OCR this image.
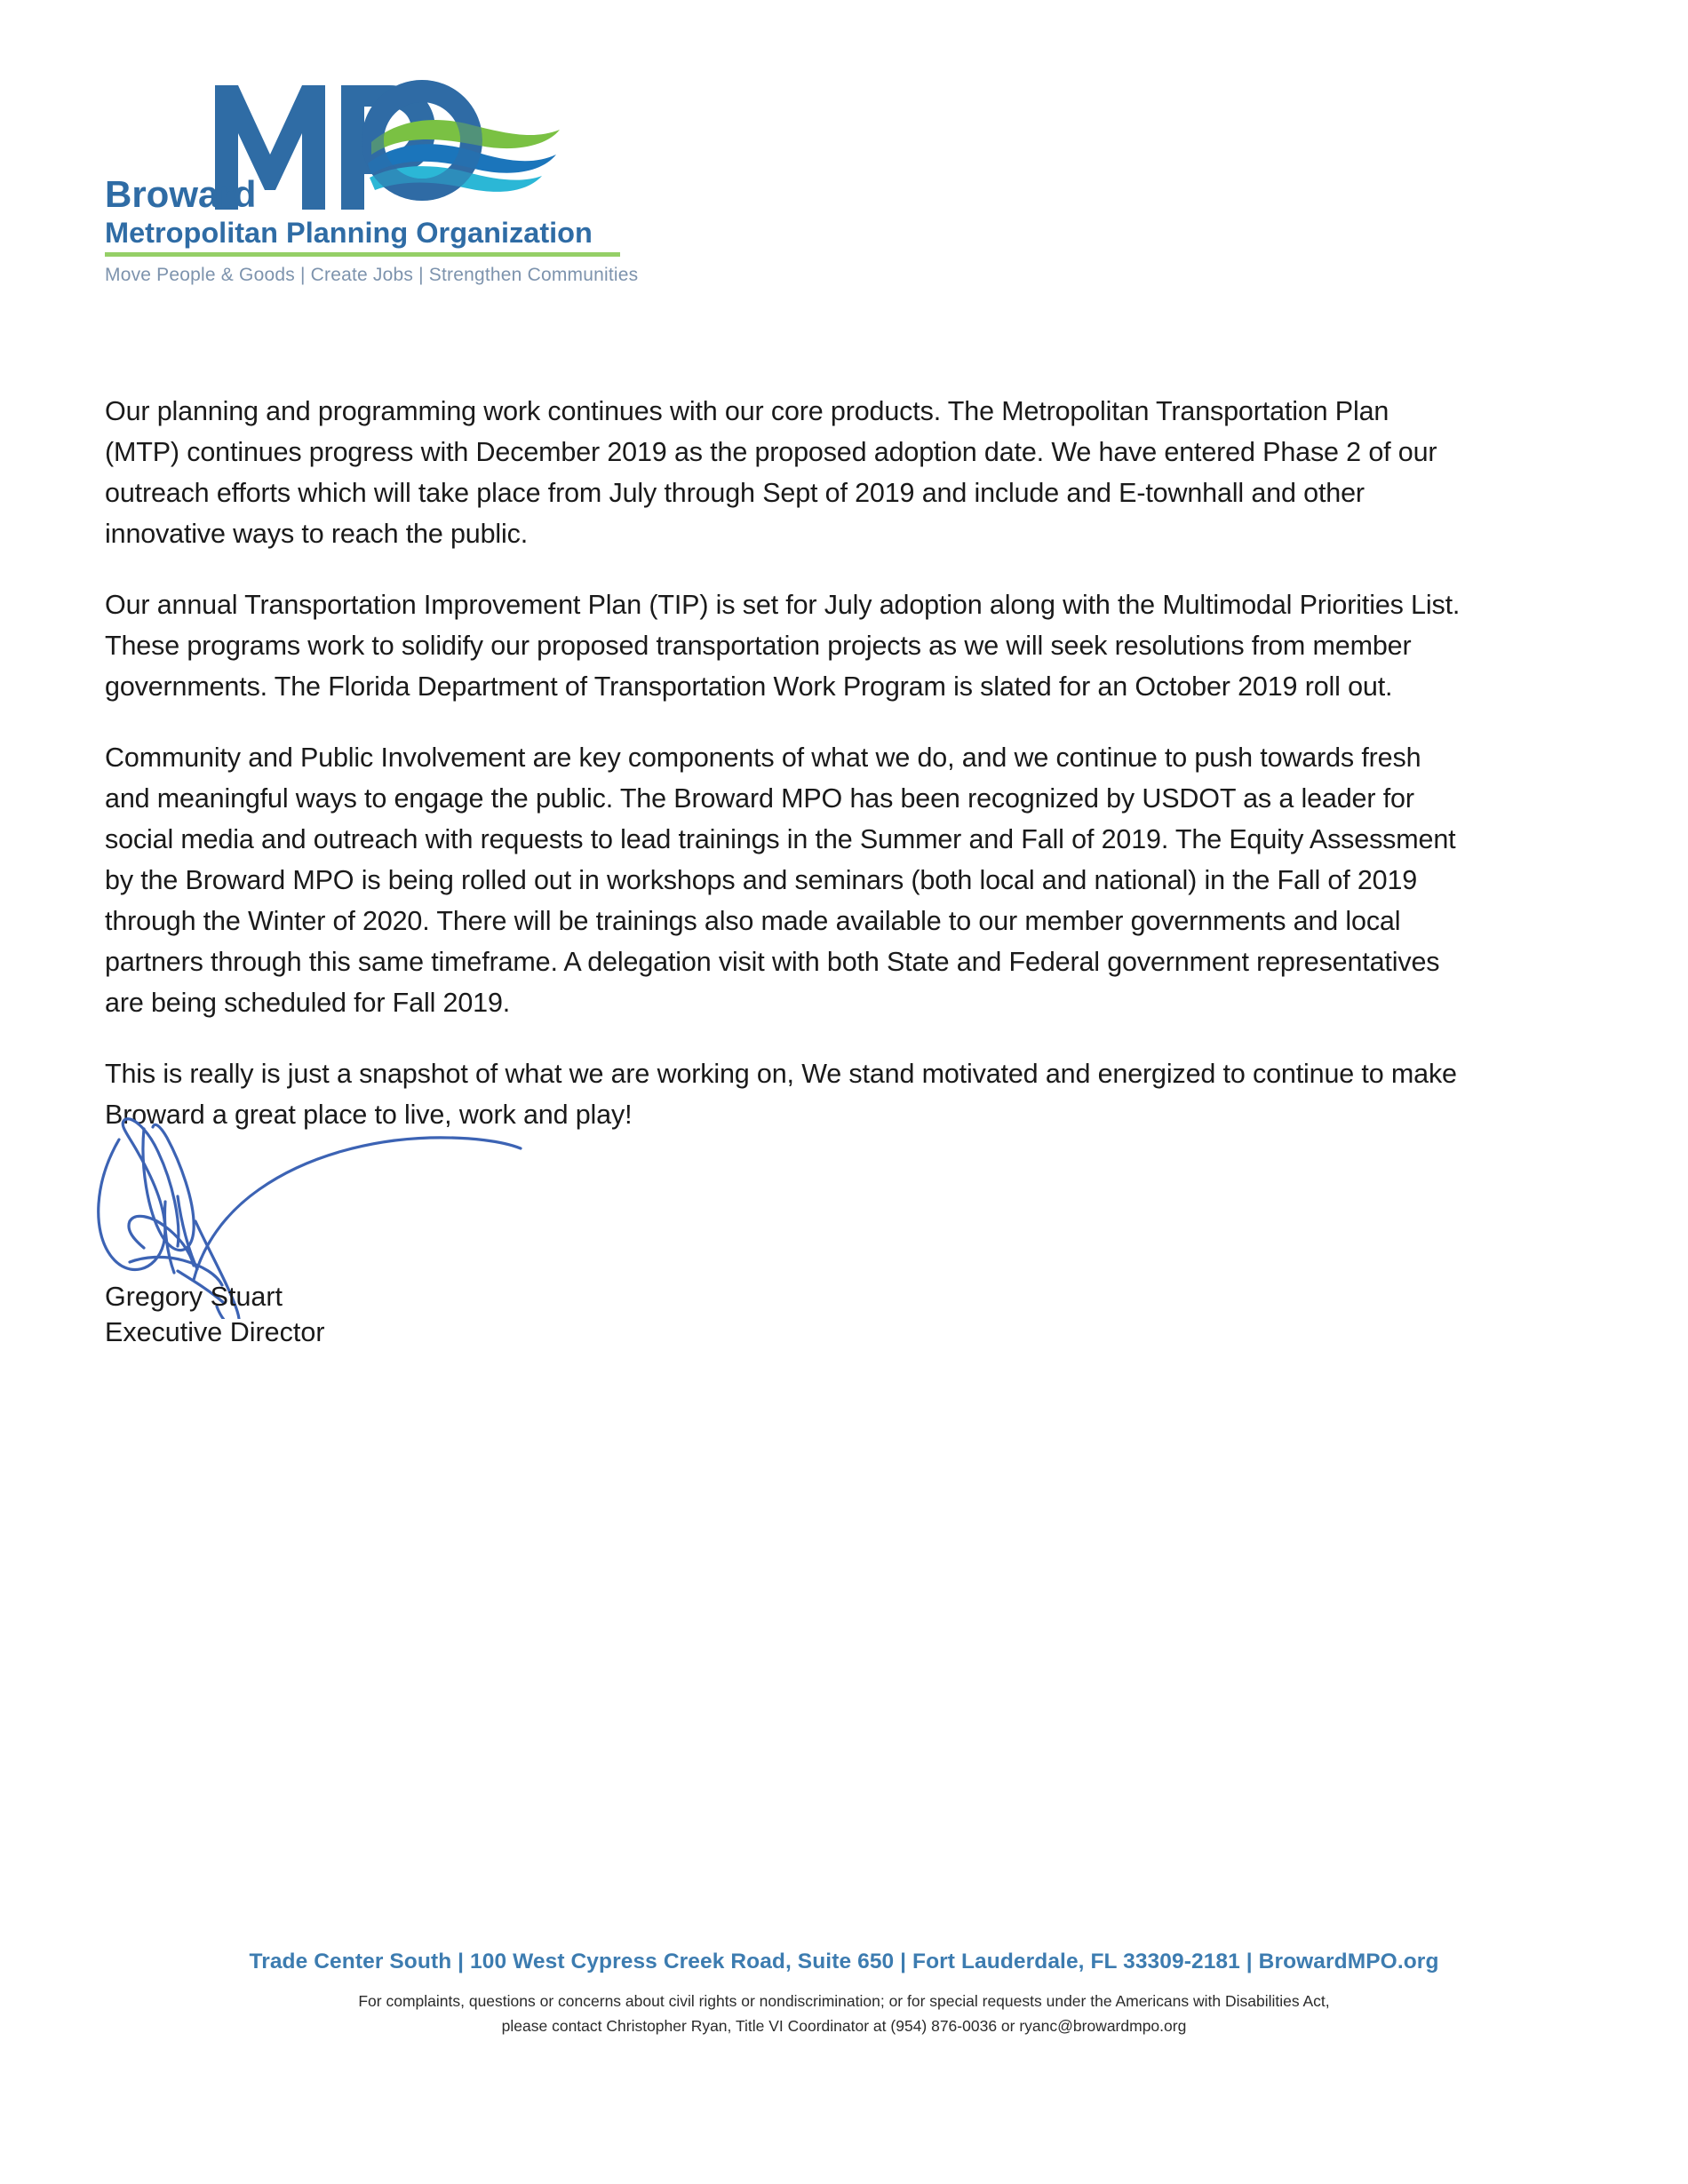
Broward
Metropolitan Planning Organization
Move People & Goods | Create Jobs | Strengthen Communities

Our planning and programming work continues with our core products. The Metropolitan Transportation Plan (MTP) continues progress with December 2019 as the proposed adoption date. We have entered Phase 2 of our outreach efforts which will take place from July through Sept of 2019 and include and E-townhall and other innovative ways to reach the public.

Our annual Transportation Improvement Plan (TIP) is set for July adoption along with the Multimodal Priorities List. These programs work to solidify our proposed transportation projects as we will seek resolutions from member governments. The Florida Department of Transportation Work Program is slated for an October 2019 roll out.

Community and Public Involvement are key components of what we do, and we continue to push towards fresh and meaningful ways to engage the public. The Broward MPO has been recognized by USDOT as a leader for social media and outreach with requests to lead trainings in the Summer and Fall of 2019. The Equity Assessment by the Broward MPO is being rolled out in workshops and seminars (both local and national) in the Fall of 2019 through the Winter of 2020. There will be trainings also made available to our member governments and local partners through this same timeframe. A delegation visit with both State and Federal government representatives are being scheduled for Fall 2019.

This is really is just a snapshot of what we are working on, We stand motivated and energized to continue to make Broward a great place to live, work and play!

Gregory Stuart
Executive Director
Trade Center South | 100 West Cypress Creek Road, Suite 650 | Fort Lauderdale, FL 33309-2181 | BrowardMPO.org
For complaints, questions or concerns about civil rights or nondiscrimination; or for special requests under the Americans with Disabilities Act,
please contact Christopher Ryan, Title VI Coordinator at (954) 876-0036 or ryanc@browardmpo.org
